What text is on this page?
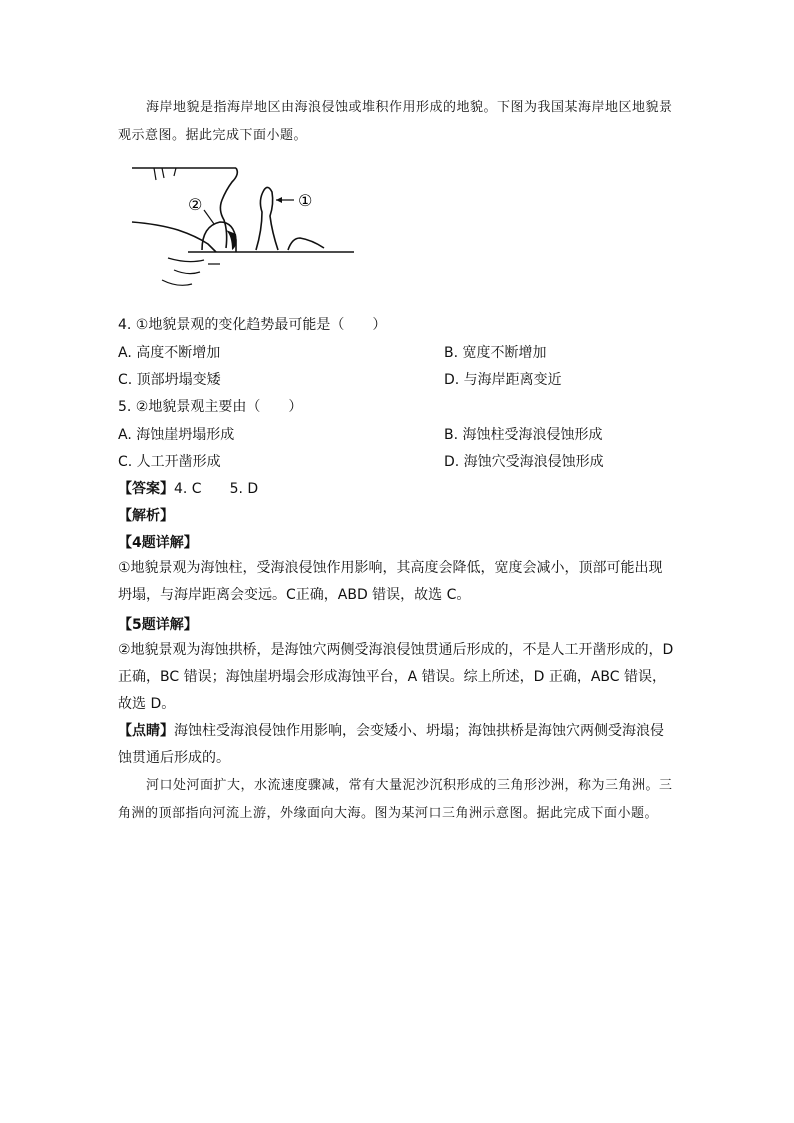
海岸地貌是指海岸地区由海浪侵蚀或堆积作用形成的地貌。下图为我国某海岸地区地貌景观示意图。据此完成下面小题。

①
②
4. ①地貌景观的变化趋势最可能是（　　）
A. 高度不断增加	B. 宽度不断增加
C. 顶部坍塌变矮	D. 与海岸距离变近
5. ②地貌景观主要由（　　）
A. 海蚀崖坍塌形成	B. 海蚀柱受海浪侵蚀形成
C. 人工开凿形成	D. 海蚀穴受海浪侵蚀形成
【答案】4. C　　5. D
【解析】
【4题详解】

①地貌景观为海蚀柱，受海浪侵蚀作用影响，其高度会降低，宽度会减小，顶部可能出现坍塌，与海岸距离会变远。C正确，ABD 错误，故选 C。

【5题详解】

②地貌景观为海蚀拱桥，是海蚀穴两侧受海浪侵蚀贯通后形成的，不是人工开凿形成的，D 正确，BC 错误；海蚀崖坍塌会形成海蚀平台，A 错误。综上所述，D 正确，ABC 错误，故选 D。

【点睛】海蚀柱受海浪侵蚀作用影响，会变矮小、坍塌；海蚀拱桥是海蚀穴两侧受海浪侵蚀贯通后形成的。

河口处河面扩大，水流速度骤减，常有大量泥沙沉积形成的三角形沙洲，称为三角洲。三角洲的顶部指向河流上游，外缘面向大海。图为某河口三角洲示意图。据此完成下面小题。
